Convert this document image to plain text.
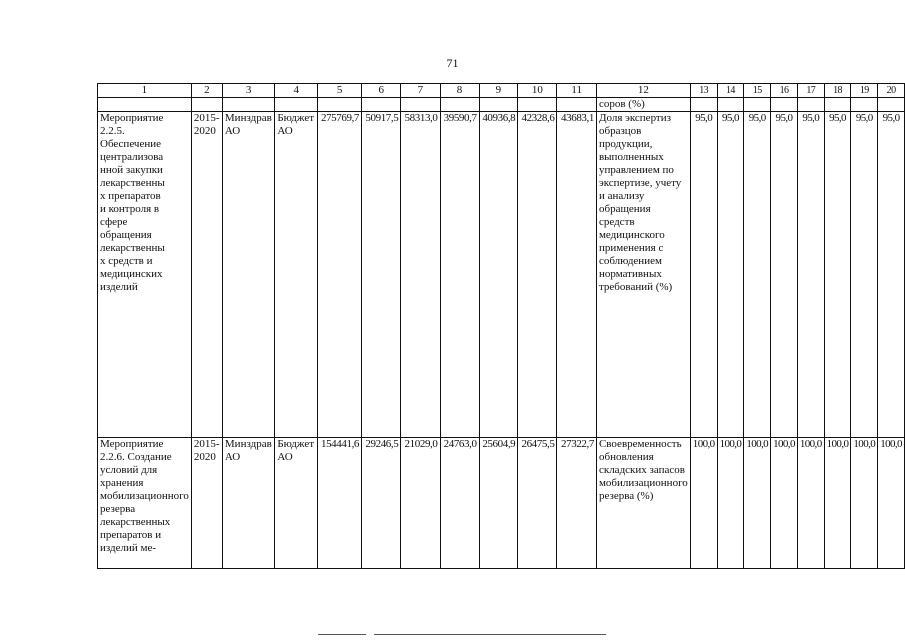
71
1	2	3	4	5	6	7	8	9	10	11	12	13	14	15	16	17	18	19	20
											соров (%)								

Мероприятие 2.2.5. Обеспечение централизованной закупки лекарственных препаратов и контроля в сфере обращения лекарственных средств и медицинских изделий	2015-2020	Минздрав АО	Бюджет АО	275769,7	50917,5	58313,0	39590,7	40936,8	42328,6	43683,1	Доля экспертиз образцов продукции, выполненных управлением по экспертизе, учету и анализу обращения средств медицинского применения с соблюдением нормативных требований (%)	95,0	95,0	95,0	95,0	95,0	95,0	95,0	95,0

Мероприятие 2.2.6. Создание условий для хранения мобилизационного резерва лекарственных препаратов и изделий ме-	2015-2020	Минздрав АО	Бюджет АО	154441,6	29246,5	21029,0	24763,0	25604,9	26475,5	27322,7	Своевременность обновления складских запасов мобилизационного резерва (%)	100,0	100,0	100,0	100,0	100,0	100,0	100,0	100,0
